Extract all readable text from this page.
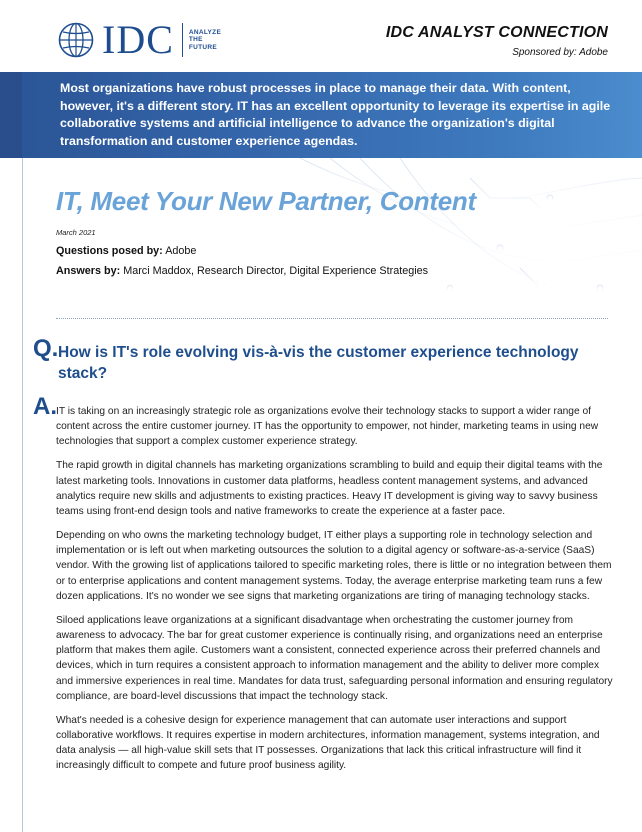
IDC ANALYZE
THE
FUTURE
IDC ANALYST CONNECTION
Sponsored by: Adobe
Most organizations have robust processes in place to manage their data. With content, however, it's a different story. IT has an excellent opportunity to leverage its expertise in agile collaborative systems and artificial intelligence to advance the organization's digital transformation and customer experience agendas.
IT, Meet Your New Partner, Content
March 2021
Questions posed by: Adobe
Answers by: Marci Maddox, Research Director, Digital Experience Strategies
Q. How is IT's role evolving vis-à-vis the customer experience technology stack?
A. IT is taking on an increasingly strategic role as organizations evolve their technology stacks to support a wider range of content across the entire customer journey. IT has the opportunity to empower, not hinder, marketing teams in using new technologies that support a complex customer experience strategy.

The rapid growth in digital channels has marketing organizations scrambling to build and equip their digital teams with the latest marketing tools. Innovations in customer data platforms, headless content management systems, and advanced analytics require new skills and adjustments to existing practices. Heavy IT development is giving way to savvy business teams using front-end design tools and native frameworks to create the experience at a faster pace.

Depending on who owns the marketing technology budget, IT either plays a supporting role in technology selection and implementation or is left out when marketing outsources the solution to a digital agency or software-as-a-service (SaaS) vendor. With the growing list of applications tailored to specific marketing roles, there is little or no integration between them or to enterprise applications and content management systems. Today, the average enterprise marketing team runs a few dozen applications. It's no wonder we see signs that marketing organizations are tiring of managing technology stacks.

Siloed applications leave organizations at a significant disadvantage when orchestrating the customer journey from awareness to advocacy. The bar for great customer experience is continually rising, and organizations need an enterprise platform that makes them agile. Customers want a consistent, connected experience across their preferred channels and devices, which in turn requires a consistent approach to information management and the ability to deliver more complex and immersive experiences in real time. Mandates for data trust, safeguarding personal information and ensuring regulatory compliance, are board-level discussions that impact the technology stack.

What's needed is a cohesive design for experience management that can automate user interactions and support collaborative workflows. It requires expertise in modern architectures, information management, systems integration, and data analysis — all high-value skill sets that IT possesses. Organizations that lack this critical infrastructure will find it increasingly difficult to compete and future proof business agility.
